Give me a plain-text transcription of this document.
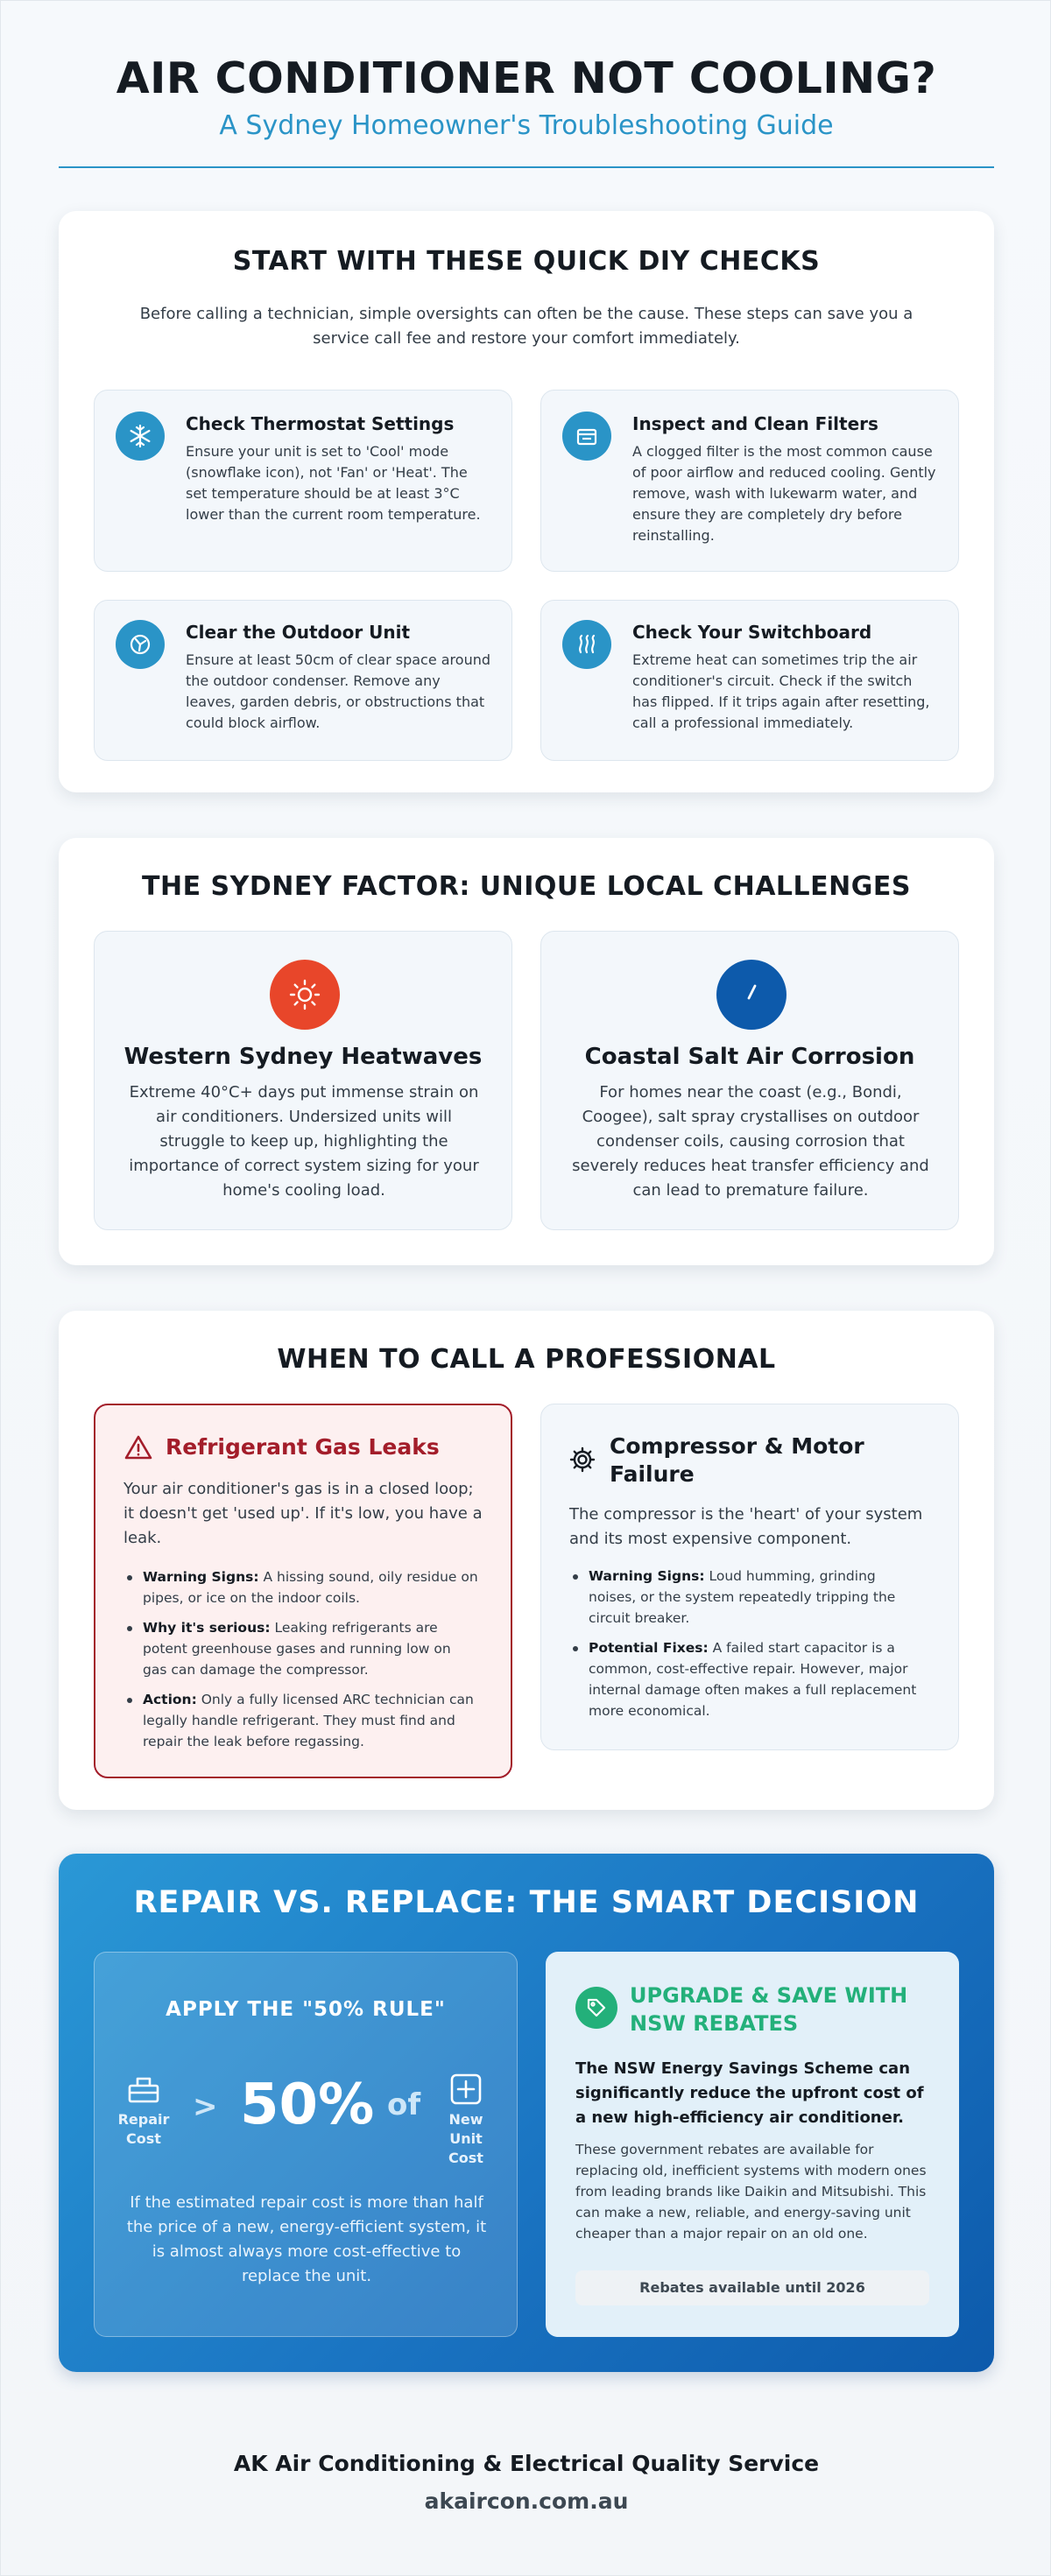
AIR CONDITIONER NOT COOLING?
A Sydney Homeowner's Troubleshooting Guide
START WITH THESE QUICK DIY CHECKS
Before calling a technician, simple oversights can often be the cause. These steps can save you a service call fee and restore your comfort immediately.
Check Thermostat Settings
Ensure your unit is set to 'Cool' mode (snowflake icon), not 'Fan' or 'Heat'. The set temperature should be at least 3°C lower than the current room temperature.
Inspect and Clean Filters
A clogged filter is the most common cause of poor airflow and reduced cooling. Gently remove, wash with lukewarm water, and ensure they are completely dry before reinstalling.
Clear the Outdoor Unit
Ensure at least 50cm of clear space around the outdoor condenser. Remove any leaves, garden debris, or obstructions that could block airflow.
Check Your Switchboard
Extreme heat can sometimes trip the air conditioner's circuit. Check if the switch has flipped. If it trips again after resetting, call a professional immediately.
THE SYDNEY FACTOR: UNIQUE LOCAL CHALLENGES
Western Sydney Heatwaves
Extreme 40°C+ days put immense strain on air conditioners. Undersized units will struggle to keep up, highlighting the importance of correct system sizing for your home's cooling load.
Coastal Salt Air Corrosion
For homes near the coast (e.g., Bondi, Coogee), salt spray crystallises on outdoor condenser coils, causing corrosion that severely reduces heat transfer efficiency and can lead to premature failure.
WHEN TO CALL A PROFESSIONAL
Refrigerant Gas Leaks
Your air conditioner's gas is in a closed loop; it doesn't get 'used up'. If it's low, you have a leak.
Warning Signs: A hissing sound, oily residue on pipes, or ice on the indoor coils.
Why it's serious: Leaking refrigerants are potent greenhouse gases and running low on gas can damage the compressor.
Action: Only a fully licensed ARC technician can legally handle refrigerant. They must find and repair the leak before regassing.
Compressor & Motor Failure
The compressor is the 'heart' of your system and its most expensive component.
Warning Signs: Loud humming, grinding noises, or the system repeatedly tripping the circuit breaker.
Potential Fixes: A failed start capacitor is a common, cost-effective repair. However, major internal damage often makes a full replacement more economical.
REPAIR VS. REPLACE: THE SMART DECISION
APPLY THE "50% RULE"
Repair
Cost
> 50% of	New
Unit
Cost
If the estimated repair cost is more than half the price of a new, energy-efficient system, it is almost always more cost-effective to replace the unit.
UPGRADE & SAVE WITH NSW REBATES
The NSW Energy Savings Scheme can significantly reduce the upfront cost of a new high-efficiency air conditioner.
These government rebates are available for replacing old, inefficient systems with modern ones from leading brands like Daikin and Mitsubishi. This can make a new, reliable, and energy-saving unit cheaper than a major repair on an old one.
Rebates available until 2026
AK Air Conditioning & Electrical Quality Service
akaircon.com.au
